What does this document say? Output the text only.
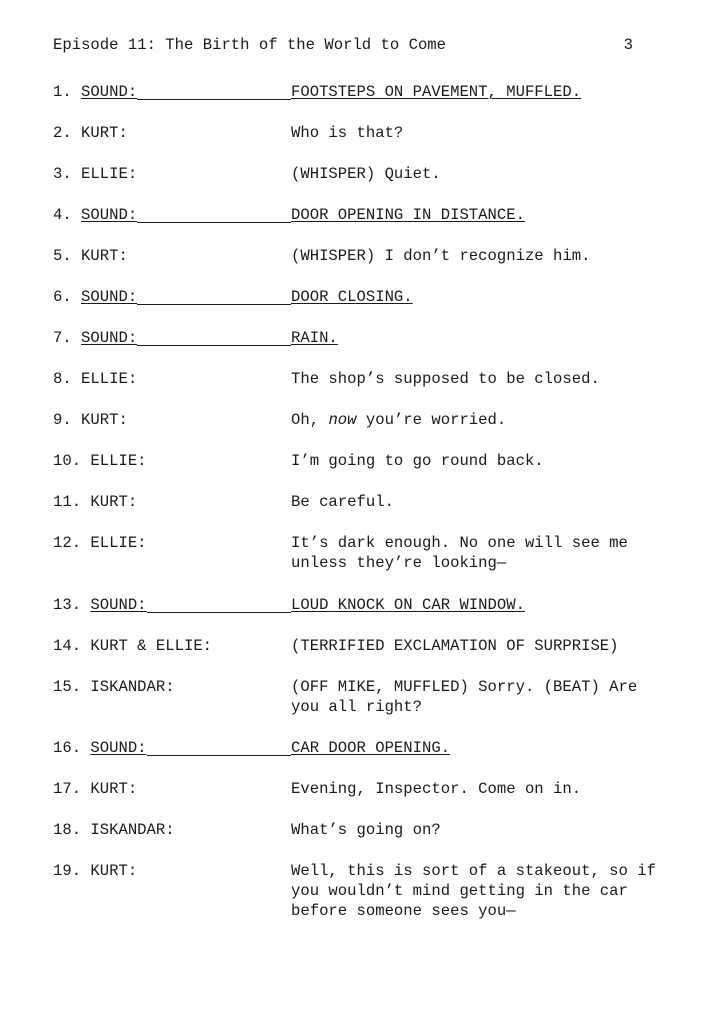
Episode 11: The Birth of the World to Come	3
1. SOUND:	FOOTSTEPS ON PAVEMENT, MUFFLED.
2. KURT:	Who is that?
3. ELLIE:	(WHISPER) Quiet.
4. SOUND:	DOOR OPENING IN DISTANCE.
5. KURT:	(WHISPER) I don’t recognize him.
6. SOUND:	DOOR CLOSING.
7. SOUND:	RAIN.
8. ELLIE:	The shop’s supposed to be closed.
9. KURT:	Oh, now you’re worried.
10. ELLIE:	I’m going to go round back.
11. KURT:	Be careful.
12. ELLIE:	It’s dark enough. No one will see me
unless they’re looking—
13. SOUND:	LOUD KNOCK ON CAR WINDOW.
14. KURT & ELLIE:	(TERRIFIED EXCLAMATION OF SURPRISE)
15. ISKANDAR:	(OFF MIKE, MUFFLED) Sorry. (BEAT) Are
you all right?
16. SOUND:	CAR DOOR OPENING.
17. KURT:	Evening, Inspector. Come on in.
18. ISKANDAR:	What’s going on?
19. KURT:	Well, this is sort of a stakeout, so if
you wouldn’t mind getting in the car
before someone sees you—
